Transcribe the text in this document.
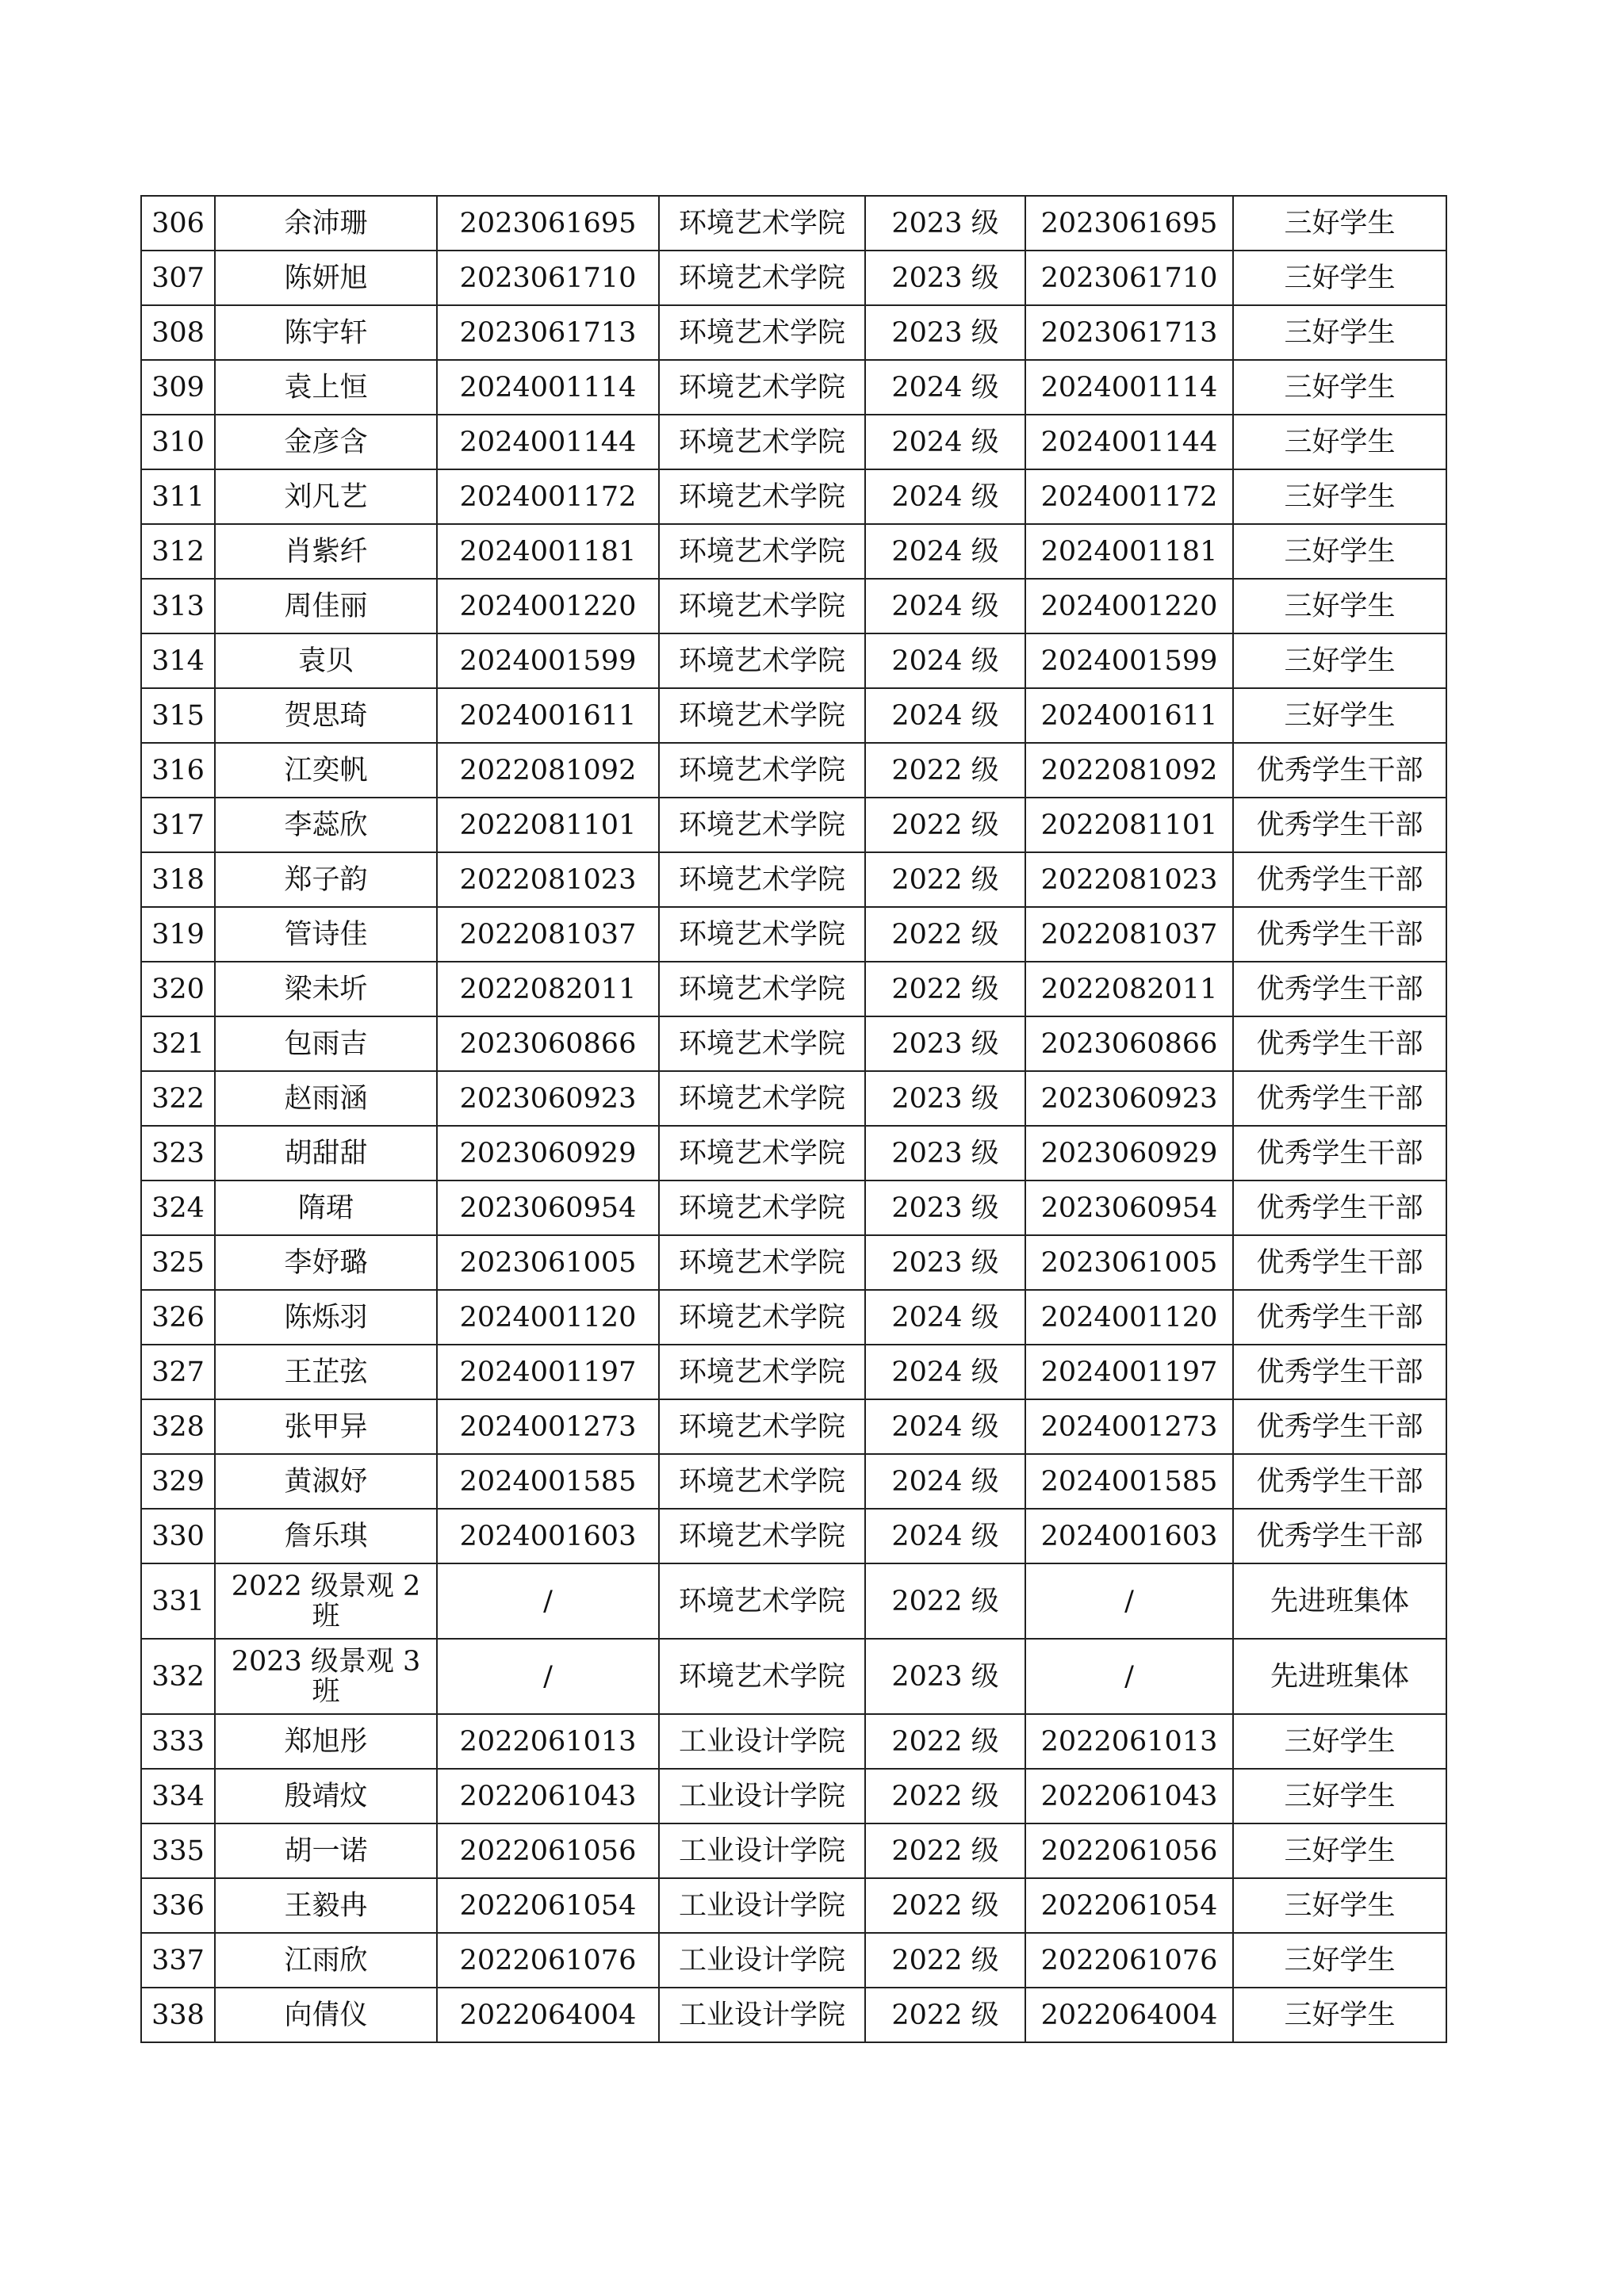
306	余沛珊	2023061695	环境艺术学院	2023 级	2023061695	三好学生
307	陈妍旭	2023061710	环境艺术学院	2023 级	2023061710	三好学生
308	陈宇轩	2023061713	环境艺术学院	2023 级	2023061713	三好学生
309	袁上恒	2024001114	环境艺术学院	2024 级	2024001114	三好学生
310	金彦含	2024001144	环境艺术学院	2024 级	2024001144	三好学生
311	刘凡艺	2024001172	环境艺术学院	2024 级	2024001172	三好学生
312	肖紫纤	2024001181	环境艺术学院	2024 级	2024001181	三好学生
313	周佳丽	2024001220	环境艺术学院	2024 级	2024001220	三好学生
314	袁贝	2024001599	环境艺术学院	2024 级	2024001599	三好学生
315	贺思琦	2024001611	环境艺术学院	2024 级	2024001611	三好学生
316	江奕帆	2022081092	环境艺术学院	2022 级	2022081092	优秀学生干部
317	李蕊欣	2022081101	环境艺术学院	2022 级	2022081101	优秀学生干部
318	郑子韵	2022081023	环境艺术学院	2022 级	2022081023	优秀学生干部
319	管诗佳	2022081037	环境艺术学院	2022 级	2022081037	优秀学生干部
320	梁未圻	2022082011	环境艺术学院	2022 级	2022082011	优秀学生干部
321	包雨吉	2023060866	环境艺术学院	2023 级	2023060866	优秀学生干部
322	赵雨涵	2023060923	环境艺术学院	2023 级	2023060923	优秀学生干部
323	胡甜甜	2023060929	环境艺术学院	2023 级	2023060929	优秀学生干部
324	隋珺	2023060954	环境艺术学院	2023 级	2023060954	优秀学生干部
325	李妤璐	2023061005	环境艺术学院	2023 级	2023061005	优秀学生干部
326	陈烁羽	2024001120	环境艺术学院	2024 级	2024001120	优秀学生干部
327	王芷弦	2024001197	环境艺术学院	2024 级	2024001197	优秀学生干部
328	张甲异	2024001273	环境艺术学院	2024 级	2024001273	优秀学生干部
329	黄淑妤	2024001585	环境艺术学院	2024 级	2024001585	优秀学生干部
330	詹乐琪	2024001603	环境艺术学院	2024 级	2024001603	优秀学生干部
331	2022 级景观 2 班	/	环境艺术学院	2022 级	/	先进班集体
332	2023 级景观 3 班	/	环境艺术学院	2023 级	/	先进班集体
333	郑旭彤	2022061013	工业设计学院	2022 级	2022061013	三好学生
334	殷靖炆	2022061043	工业设计学院	2022 级	2022061043	三好学生
335	胡一诺	2022061056	工业设计学院	2022 级	2022061056	三好学生
336	王毅冉	2022061054	工业设计学院	2022 级	2022061054	三好学生
337	江雨欣	2022061076	工业设计学院	2022 级	2022061076	三好学生
338	向倩仪	2022064004	工业设计学院	2022 级	2022064004	三好学生
